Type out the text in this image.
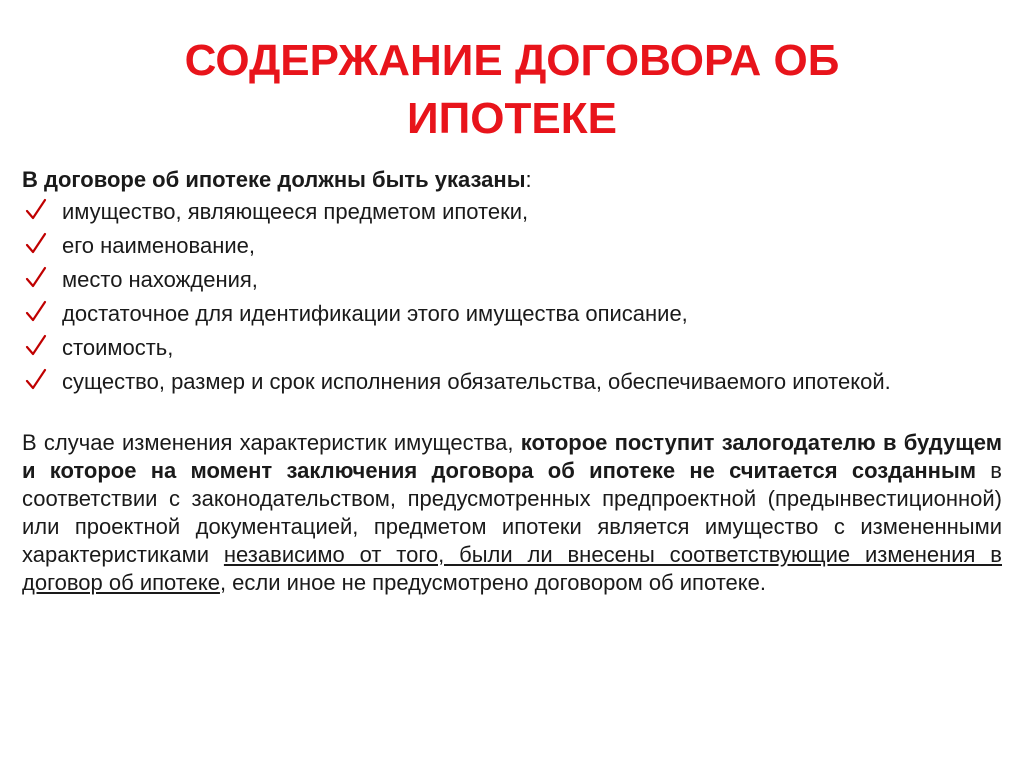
СОДЕРЖАНИЕ ДОГОВОРА ОБ
ИПОТЕКЕ
В договоре об ипотеке должны быть указаны:
имущество, являющееся предметом ипотеки,
его наименование,
место нахождения,
достаточное для идентификации этого имущества описание,
стоимость,
существо, размер и срок исполнения обязательства, обеспечиваемого ипотекой.
В случае изменения характеристик имущества, которое поступит залогодателю в будущем и которое на момент заключения договора об ипотеке не считается созданным в соответствии с законодательством, предусмотренных предпроектной (предынвестиционной) или проектной документацией, предметом ипотеки является имущество с измененными характеристиками независимо от того, были ли внесены соответствующие изменения в договор об ипотеке, если иное не предусмотрено договором об ипотеке.
